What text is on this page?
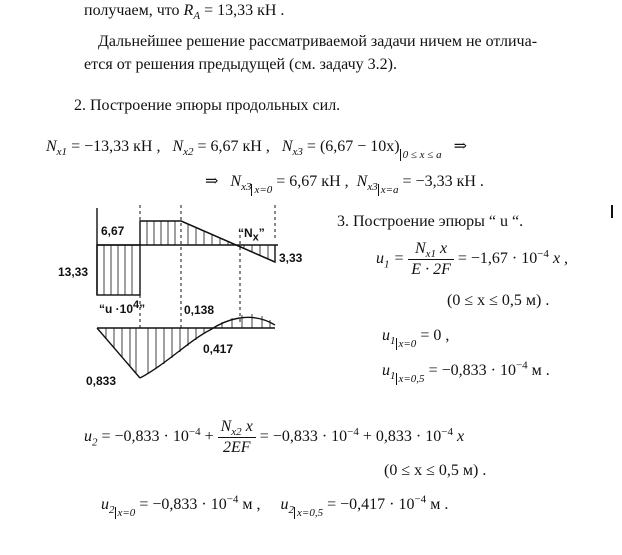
получаем, что $R_A = 13,33$ кН .
Дальнейшее решение рассматриваемой задачи ничем не отлича-
ется от решения предыдущей (см. задачу 3.2).
2. Построение эпюры продольных сил.
$N_{x1} = -13,33$ кН , $N_{x2} = 6,67$ кН , $N_{x3} = (6,67 - 10x) 0 \le x \le a$ ⇒
⇒ $N_{x3}$ x=0 = 6,67 кН , $N_{x3}$ x=a = −3,33 кН .
6,67
13,33
3,33
“$N_x$”
“$u \cdot 10^4$”	0,138
0,417
0,833
3. Построение эпюры “ u “.
$u_1 = \frac{N_{x1} x}{E \cdot 2F} = -1,67 \cdot 10^{-4}$ x ,
(0 ≤ x ≤ 0,5 м) .
$u_1$ x=0 = 0 ,
$u_1$ $x=0,5 = -0,833 \cdot 10^{-4}$ м .
$u_2 = -0,833 \cdot 10^{-4} + \frac{N_{x2} x}{2EF} = -0,833 \cdot 10^{-4} + 0,833 \cdot 10^{-4}$ x
(0 ≤ x ≤ 0,5 м) .
$u_2$ $x=0 = -0,833 \cdot 10^{-4}$ м , $u_2$ $x=0,5 = -0,417 \cdot 10^{-4}$ м .
